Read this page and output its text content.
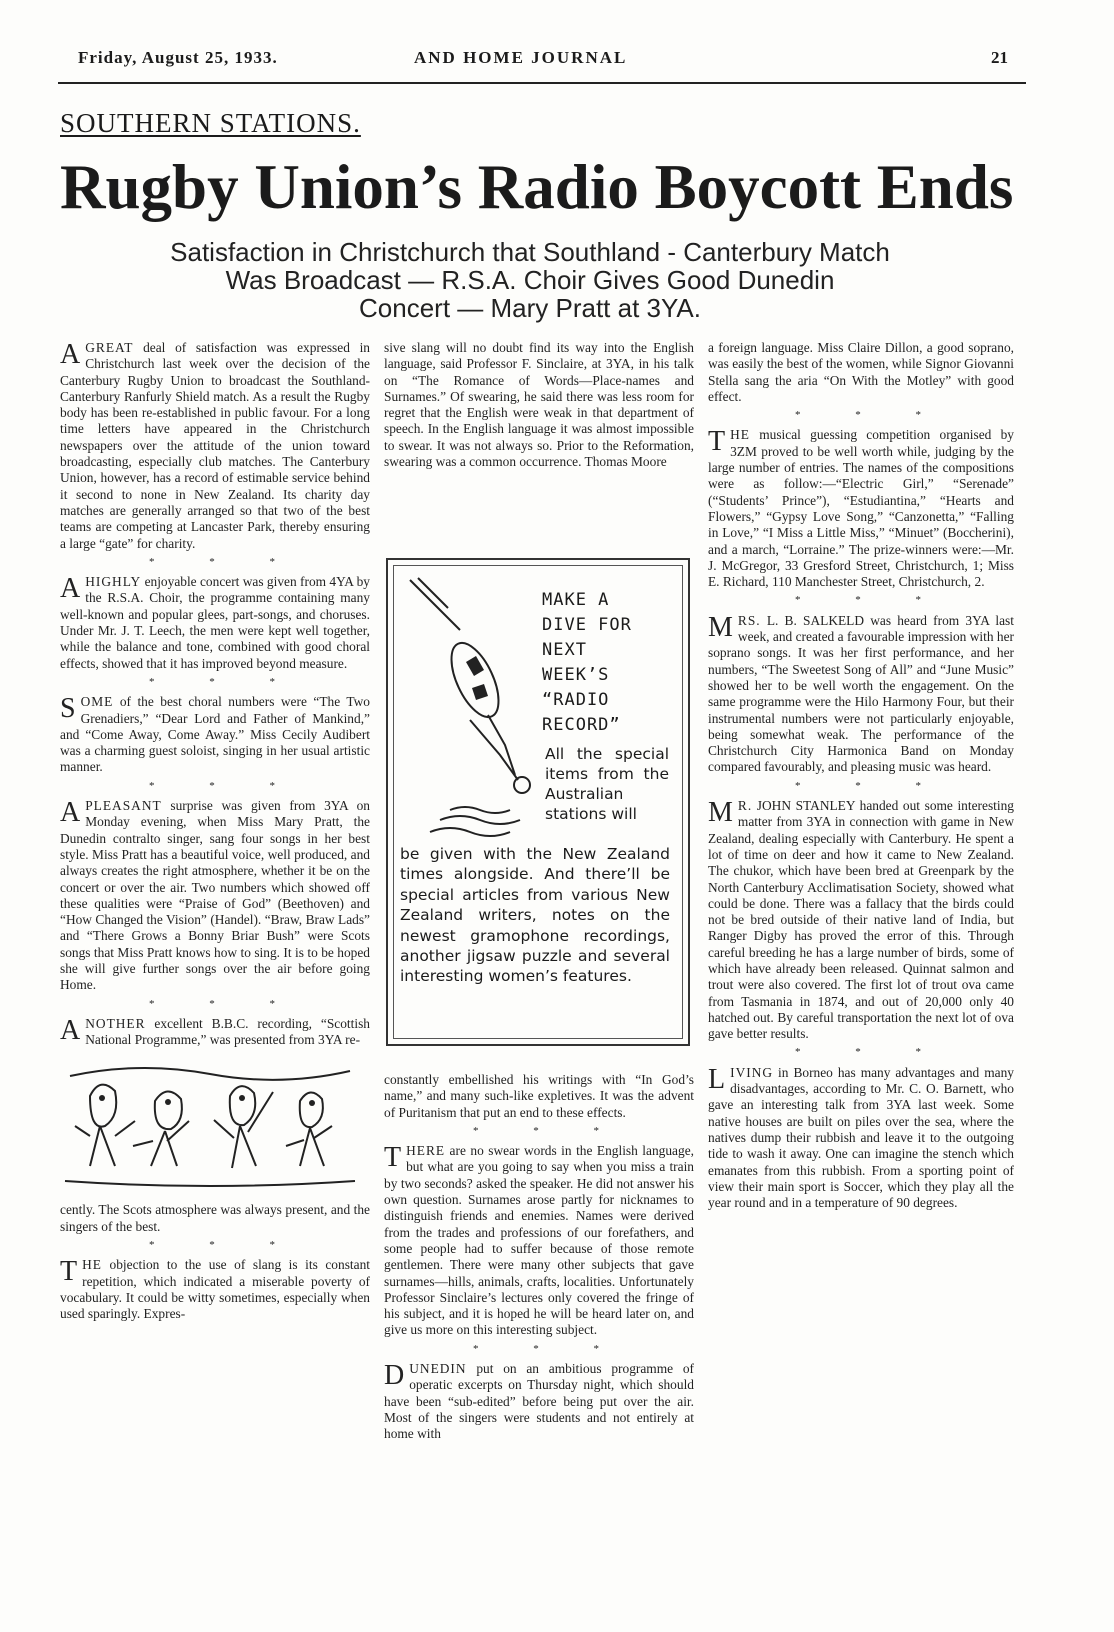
Friday, August 25, 1933.	AND HOME JOURNAL	21
SOUTHERN STATIONS.
Rugby Union’s Radio Boycott Ends
Satisfaction in Christchurch that Southland - Canterbury Match
Was Broadcast — R.S.A. Choir Gives Good Dunedin
Concert — Mary Pratt at 3YA.

AGREAT deal of satisfaction was expressed in Christchurch last week over the decision of the Canterbury Rugby Union to broadcast the Southland-Canterbury Ranfurly Shield match. As a result the Rugby body has been re-established in public favour. For a long time letters have appeared in the Christchurch newspapers over the attitude of the union toward broadcasting, especially club matches. The Canterbury Union, however, has a record of estimable service behind it second to none in New Zealand. Its charity day matches are generally arranged so that two of the best teams are competing at Lancaster Park, thereby ensuring a large “gate” for charity.

* * *

AHIGHLY enjoyable concert was given from 4YA by the R.S.A. Choir, the programme containing many well-known and popular glees, part-songs, and choruses. Under Mr. J. T. Leech, the men were kept well together, while the balance and tone, combined with good choral effects, showed that it has improved beyond measure.

* * *

SOME of the best choral numbers were “The Two Grenadiers,” “Dear Lord and Father of Mankind,” and “Come Away, Come Away.” Miss Cecily Audibert was a charming guest soloist, singing in her usual artistic manner.

* * *

APLEASANT surprise was given from 3YA on Monday evening, when Miss Mary Pratt, the Dunedin contralto singer, sang four songs in her best style. Miss Pratt has a beautiful voice, well produced, and always creates the right atmosphere, whether it be on the concert or over the air. Two numbers which showed off these qualities were “Praise of God” (Beethoven) and “How Changed the Vision” (Handel). “Braw, Braw Lads” and “There Grows a Bonny Briar Bush” were Scots songs that Miss Pratt knows how to sing. It is to be hoped she will give further songs over the air before going Home.

* * *

ANOTHER excellent B.B.C. recording, “Scottish National Programme,” was presented from 3YA re-

cently. The Scots atmosphere was always present, and the singers of the best.

* * *

THE objection to the use of slang is its constant repetition, which indicated a miserable poverty of vocabulary. It could be witty sometimes, especially when used sparingly. Expres-

sive slang will no doubt find its way into the English language, said Professor F. Sinclaire, at 3YA, in his talk on “The Romance of Words—Place-names and Surnames.” Of swearing, he said there was less room for regret that the English were weak in that department of speech. In the English language it was almost impossible to swear. It was not always so. Prior to the Reformation, swearing was a common occurrence. Thomas Moore

MAKE A
DIVE FOR
NEXT
WEEK’S
“RADIO
RECORD”
All the special items from the Australian stations will
be given with the New Zealand times alongside. And there’ll be special articles from various New Zealand writers, notes on the newest gramophone recordings, another jigsaw puzzle and several interesting women’s features.

constantly embellished his writings with “In God’s name,” and many such-like expletives. It was the advent of Puritanism that put an end to these effects.

* * *

THERE are no swear words in the English language, but what are you going to say when you miss a train by two seconds? asked the speaker. He did not answer his own question. Surnames arose partly for nicknames to distinguish friends and enemies. Names were derived from the trades and professions of our forefathers, and some people had to suffer because of those remote gentlemen. There were many other subjects that gave surnames—hills, animals, crafts, localities. Unfortunately Professor Sinclaire’s lectures only covered the fringe of his subject, and it is hoped he will be heard later on, and give us more on this interesting subject.

* * *

DUNEDIN put on an ambitious programme of operatic excerpts on Thursday night, which should have been “sub-edited” before being put over the air. Most of the singers were students and not entirely at home with

a foreign language. Miss Claire Dillon, a good soprano, was easily the best of the women, while Signor Giovanni Stella sang the aria “On With the Motley” with good effect.

* * *

THE musical guessing competition organised by 3ZM proved to be well worth while, judging by the large number of entries. The names of the compositions were as follow:—“Electric Girl,” “Serenade” (“Students’ Prince”), “Estudiantina,” “Hearts and Flowers,” “Gypsy Love Song,” “Canzonetta,” “Falling in Love,” “I Miss a Little Miss,” “Minuet” (Boccherini), and a march, “Lorraine.” The prize-winners were:—Mr. J. McGregor, 33 Gresford Street, Christchurch, 1; Miss E. Richard, 110 Manchester Street, Christchurch, 2.

* * *

MRS. L. B. SALKELD was heard from 3YA last week, and created a favourable impression with her soprano songs. It was her first performance, and her numbers, “The Sweetest Song of All” and “June Music” showed her to be well worth the engagement. On the same programme were the Hilo Harmony Four, but their instrumental numbers were not particularly enjoyable, being somewhat weak. The performance of the Christchurch City Harmonica Band on Monday compared favourably, and pleasing music was heard.

* * *

MR. JOHN STANLEY handed out some interesting matter from 3YA in connection with game in New Zealand, dealing especially with Canterbury. He spent a lot of time on deer and how it came to New Zealand. The chukor, which have been bred at Greenpark by the North Canterbury Acclimatisation Society, showed what could be done. There was a fallacy that the birds could not be bred outside of their native land of India, but Ranger Digby has proved the error of this. Through careful breeding he has a large number of birds, some of which have already been released. Quinnat salmon and trout were also covered. The first lot of trout ova came from Tasmania in 1874, and out of 20,000 only 40 hatched out. By careful transportation the next lot of ova gave better results.

* * *

LIVING in Borneo has many advantages and many disadvantages, according to Mr. C. O. Barnett, who gave an interesting talk from 3YA last week. Some native houses are built on piles over the sea, where the natives dump their rubbish and leave it to the outgoing tide to wash it away. One can imagine the stench which emanates from this rubbish. From a sporting point of view their main sport is Soccer, which they play all the year round and in a temperature of 90 degrees.
